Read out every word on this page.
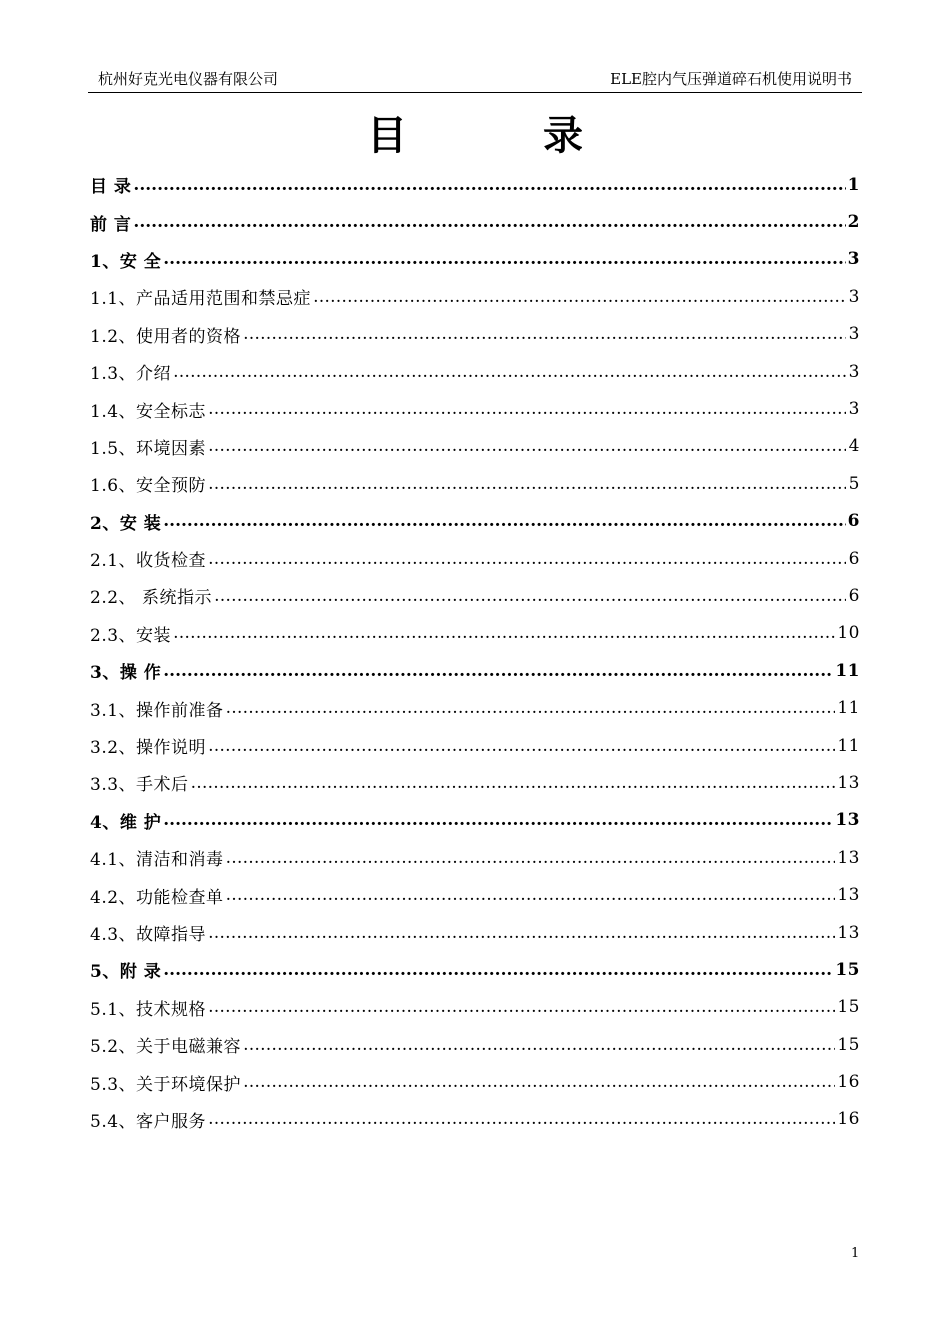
杭州好克光电仪器有限公司	ELE腔内气压弹道碎石机使用说明书
目	录
目 录 .....	1
前 言 .....	2
1、安 全 .....	3
1.1、产品适用范围和禁忌症 …………………………………………………………………………………………………………………………………………………………………………………………………………………………	3
1.2、使用者的资格 …………………………………………………………………………………………………………………………………………………………………………………………………………………………	3
1.3、介绍 …………………………………………………………………………………………………………………………………………………………………………………………………………………………	3
1.4、安全标志 …………………………………………………………………………………………………………………………………………………………………………………………………………………………	3
1.5、环境因素 …………………………………………………………………………………………………………………………………………………………………………………………………………………………	4
1.6、安全预防 …………………………………………………………………………………………………………………………………………………………………………………………………………………………	5
2、安 装 .....	6
2.1、收货检查 …………………………………………………………………………………………………………………………………………………………………………………………………………………………	6
2.2、 系统指示 …………………………………………………………………………………………………………………………………………………………………………………………………………………………	6
2.3、安装 …………………………………………………………………………………………………………………………………………………………………………………………………………………………	10
3、操 作 .....	11
3.1、操作前准备 …………………………………………………………………………………………………………………………………………………………………………………………………………………………	11
3.2、操作说明 …………………………………………………………………………………………………………………………………………………………………………………………………………………………	11
3.3、手术后 …………………………………………………………………………………………………………………………………………………………………………………………………………………………	13
4、维 护 .....	13
4.1、清洁和消毒 …………………………………………………………………………………………………………………………………………………………………………………………………………………………	13
4.2、功能检查单 …………………………………………………………………………………………………………………………………………………………………………………………………………………………	13
4.3、故障指导 …………………………………………………………………………………………………………………………………………………………………………………………………………………………	13
5、附 录 .....	15
5.1、技术规格 …………………………………………………………………………………………………………………………………………………………………………………………………………………………	15
5.2、关于电磁兼容 …………………………………………………………………………………………………………………………………………………………………………………………………………………………	15
5.3、关于环境保护 …………………………………………………………………………………………………………………………………………………………………………………………………………………………	16
5.4、客户服务 …………………………………………………………………………………………………………………………………………………………………………………………………………………………	16
1
